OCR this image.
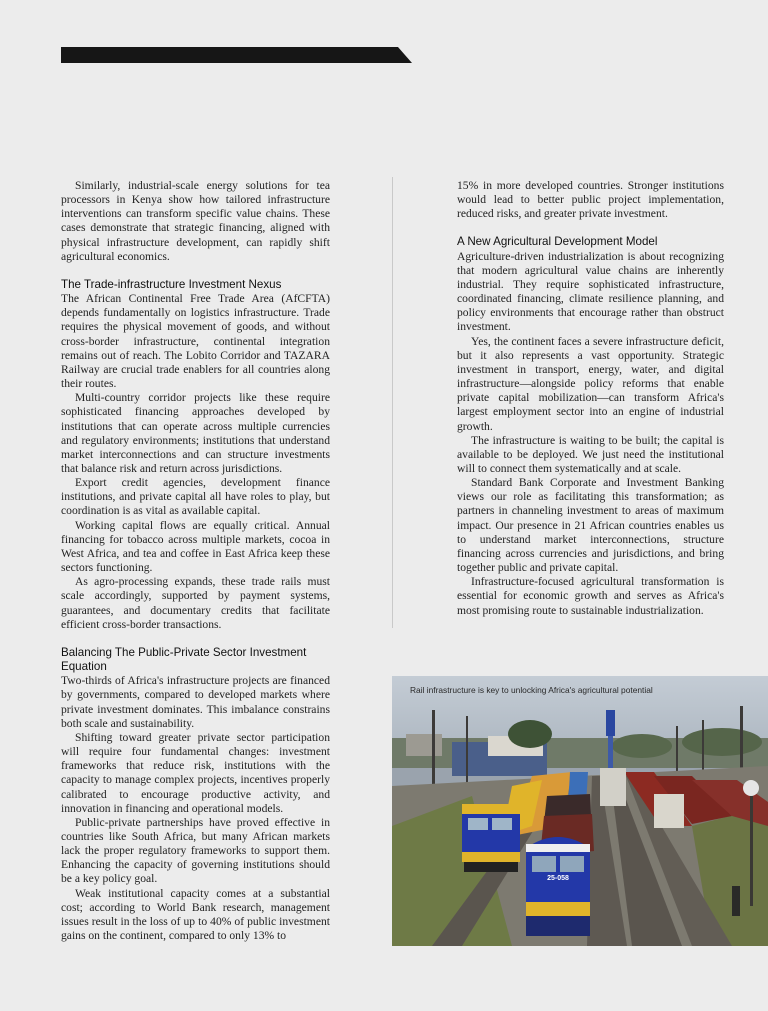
Similarly, industrial-scale energy solutions for tea processors in Kenya show how tailored infrastructure interventions can transform specific value chains. These cases demonstrate that strategic financing, aligned with physical infrastructure development, can rapidly shift agricultural economics.

The Trade-infrastructure Investment Nexus

The African Continental Free Trade Area (AfCFTA) depends fundamentally on logistics infrastructure. Trade requires the physical movement of goods, and without cross-border infrastructure, continental integration remains out of reach. The Lobito Corridor and TAZARA Railway are crucial trade enablers for all countries along their routes.

Multi-country corridor projects like these require sophisticated financing approaches developed by institutions that can operate across multiple currencies and regulatory environments; institutions that understand market interconnections and can structure investments that balance risk and return across jurisdictions.

Export credit agencies, development finance institutions, and private capital all have roles to play, but coordination is as vital as available capital.

Working capital flows are equally critical. Annual financing for tobacco across multiple markets, cocoa in West Africa, and tea and coffee in East Africa keep these sectors functioning.

As agro-processing expands, these trade rails must scale accordingly, supported by payment systems, guarantees, and documentary credits that facilitate efficient cross-border transactions.

Balancing The Public-Private Sector Investment Equation

Two-thirds of Africa's infrastructure projects are financed by governments, compared to developed markets where private investment dominates. This imbalance constrains both scale and sustainability.

Shifting toward greater private sector participation will require four fundamental changes: investment frameworks that reduce risk, institutions with the capacity to manage complex projects, incentives properly calibrated to encourage productive activity, and innovation in financing and operational models.

Public-private partnerships have proved effective in countries like South Africa, but many African markets lack the proper regulatory frameworks to support them. Enhancing the capacity of governing institutions should be a key policy goal.

Weak institutional capacity comes at a substantial cost; according to World Bank research, management issues result in the loss of up to 40% of public investment gains on the continent, compared to only 13% to

15% in more developed countries. Stronger institutions would lead to better public project implementation, reduced risks, and greater private investment.

A New Agricultural Development Model

Agriculture-driven industrialization is about recognizing that modern agricultural value chains are inherently industrial. They require sophisticated infrastructure, coordinated financing, climate resilience planning, and policy environments that encourage rather than obstruct investment.

Yes, the continent faces a severe infrastructure deficit, but it also represents a vast opportunity. Strategic investment in transport, energy, water, and digital infrastructure—alongside policy reforms that enable private capital mobilization—can transform Africa's largest employment sector into an engine of industrial growth.

The infrastructure is waiting to be built; the capital is available to be deployed. We just need the institutional will to connect them systematically and at scale.

Standard Bank Corporate and Investment Banking views our role as facilitating this transformation; as partners in channeling investment to areas of maximum impact. Our presence in 21 African countries enables us to understand market interconnections, structure financing across currencies and jurisdictions, and bring together public and private capital.

Infrastructure-focused agricultural transformation is essential for economic growth and serves as Africa's most promising route to sustainable industrialization.

25-058
Rail infrastructure is key to unlocking Africa's agricultural potential
